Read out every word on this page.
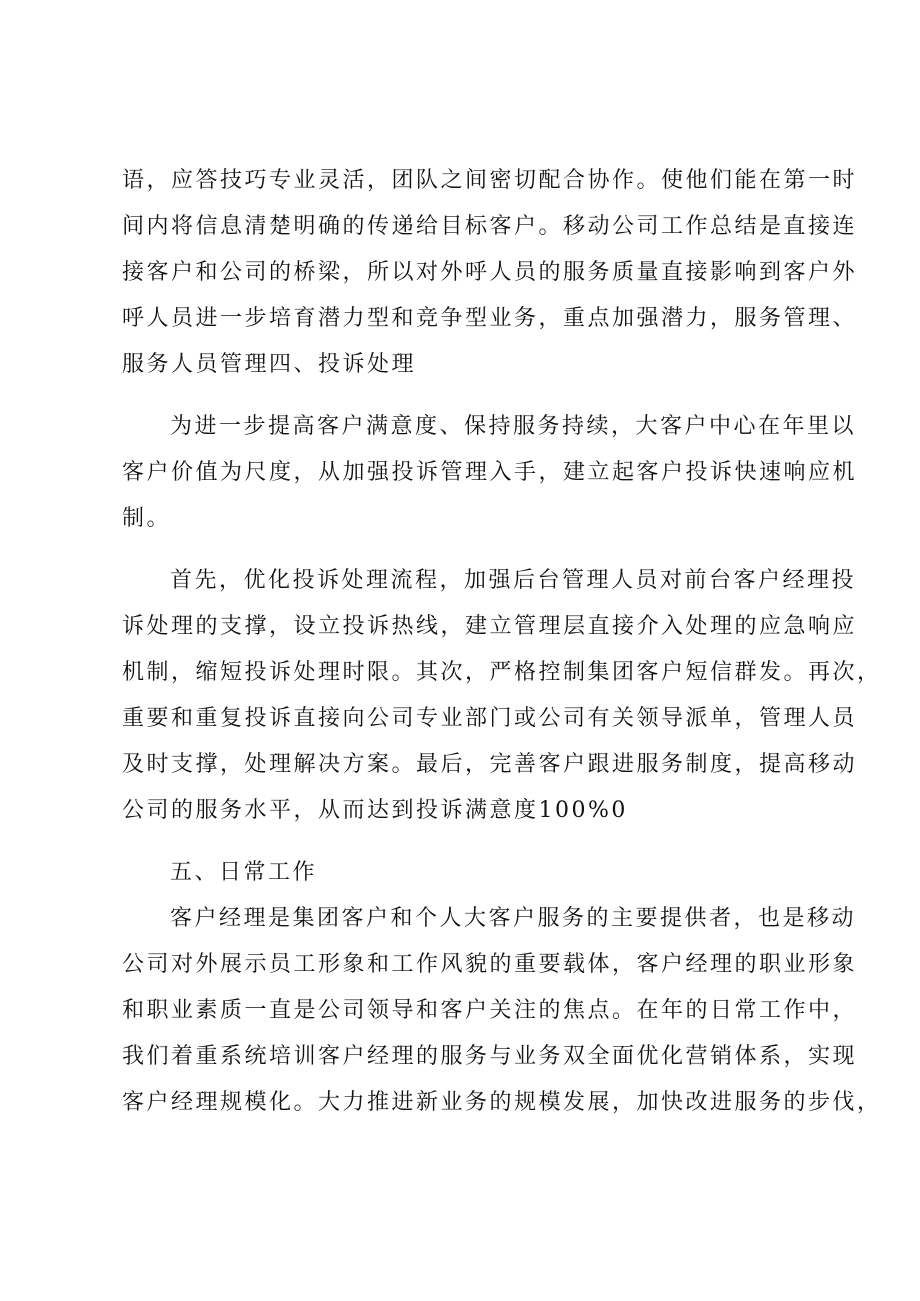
语，应答技巧专业灵活，团队之间密切配合协作。使他们能在第一时
间内将信息清楚明确的传递给目标客户。移动公司工作总结是直接连
接客户和公司的桥梁，所以对外呼人员的服务质量直接影响到客户外
呼人员进一步培育潜力型和竞争型业务，重点加强潜力，服务管理、
服务人员管理四、投诉处理
为进一步提高客户满意度、保持服务持续，大客户中心在年里以
客户价值为尺度，从加强投诉管理入手，建立起客户投诉快速响应机
制。
首先，优化投诉处理流程，加强后台管理人员对前台客户经理投
诉处理的支撑，设立投诉热线，建立管理层直接介入处理的应急响应
机制，缩短投诉处理时限。其次，严格控制集团客户短信群发。再次，
重要和重复投诉直接向公司专业部门或公司有关领导派单，管理人员
及时支撑，处理解决方案。最后，完善客户跟进服务制度，提高移动
公司的服务水平，从而达到投诉满意度100%0
五、日常工作
客户经理是集团客户和个人大客户服务的主要提供者，也是移动
公司对外展示员工形象和工作风貌的重要载体，客户经理的职业形象
和职业素质一直是公司领导和客户关注的焦点。在年的日常工作中，
我们着重系统培训客户经理的服务与业务双全面优化营销体系，实现
客户经理规模化。大力推进新业务的规模发展，加快改进服务的步伐，
